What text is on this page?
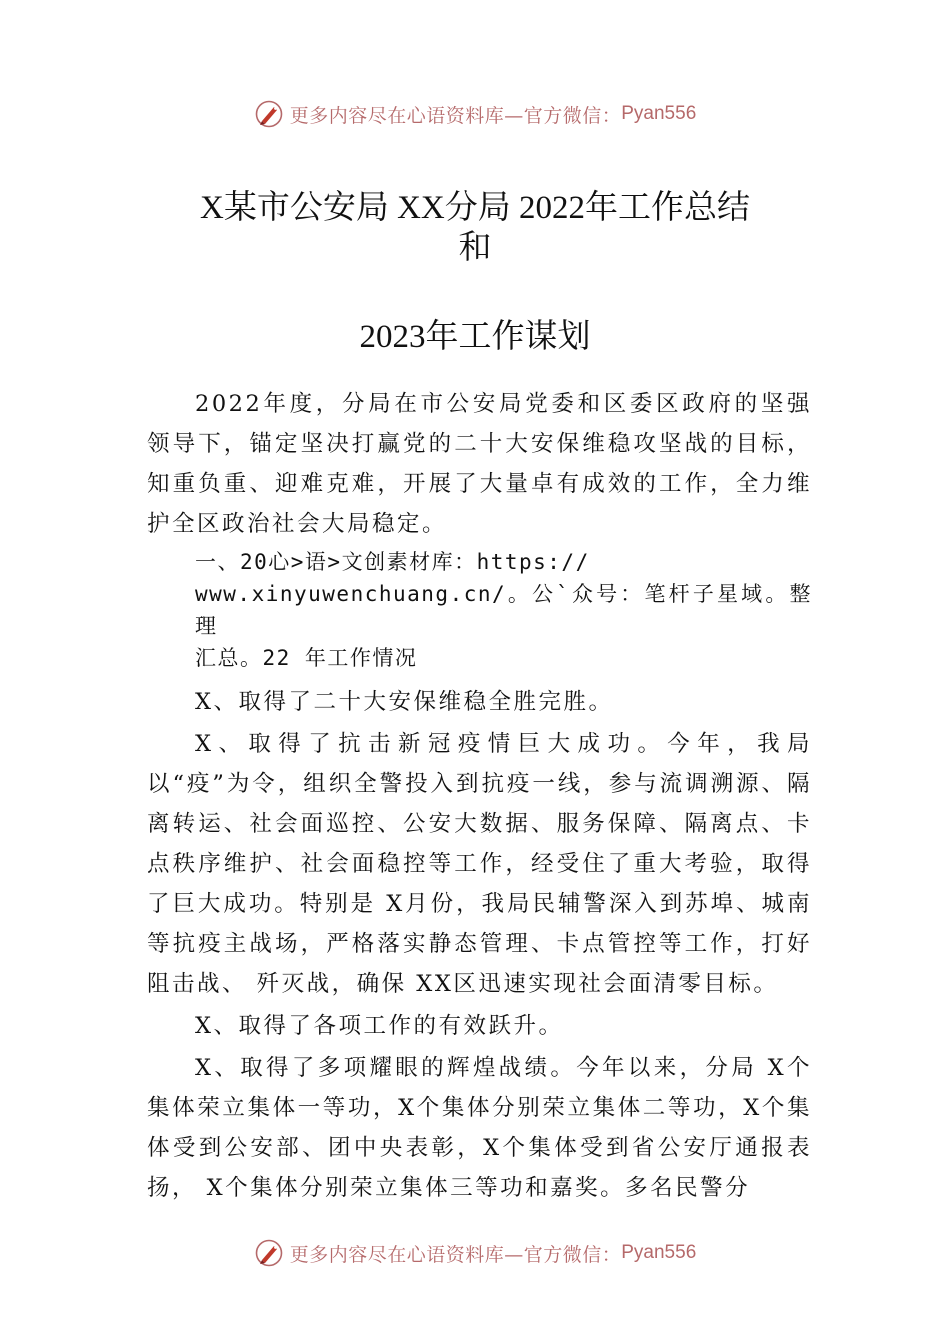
更多内容尽在心语资料库—官方微信： Pyan556
X某市公安局 XX分局 2022年工作总结
和
2023年工作谋划

2022年度，分局在市公安局党委和区委区政府的坚强领导下，锚定坚决打赢党的二十大安保维稳攻坚战的目标，知重负重、迎难克难，开展了大量卓有成效的工作，全力维护全区政治社会大局稳定。

一、20心>语>文创素材库：https://
www.xinyuwenchuang.cn/。公`众号：笔杆子星域。整理
汇总。22 年工作情况

X、取得了二十大安保维稳全胜完胜。

X、取得了抗击新冠疫情巨大成功。今年，我局以“疫”为令，组织全警投入到抗疫一线，参与流调溯源、隔离转运、社会面巡控、公安大数据、服务保障、隔离点、卡点秩序维护、社会面稳控等工作，经受住了重大考验，取得了巨大成功。特别是 X月份，我局民辅警深入到苏埠、城南等抗疫主战场，严格落实静态管理、卡点管控等工作，打好阻击战、 歼灭战，确保 XX区迅速实现社会面清零目标。

X、取得了各项工作的有效跃升。

X、取得了多项耀眼的辉煌战绩。今年以来，分局 X个集体荣立集体一等功，X个集体分别荣立集体二等功，X个集体受到公安部、团中央表彰，X个集体受到省公安厅通报表扬， X个集体分别荣立集体三等功和嘉奖。多名民警分

更多内容尽在心语资料库—官方微信： Pyan556
